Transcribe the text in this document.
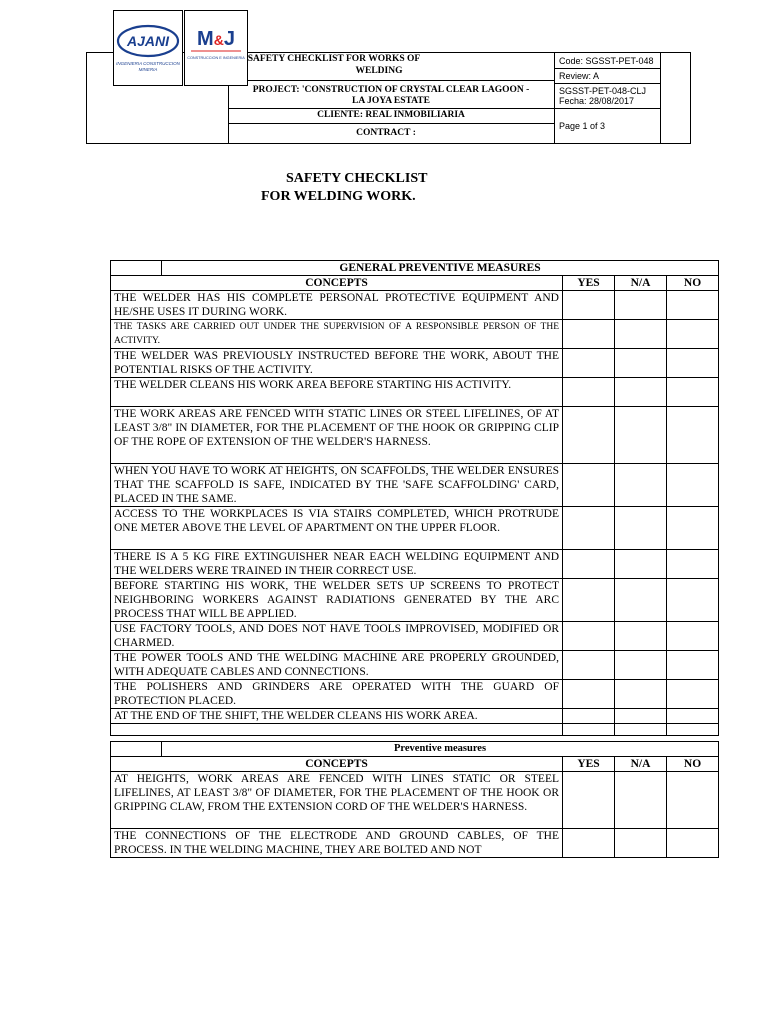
AJANI
INGENIERIA CONSTRUCCION
MINERIA
M&J
CONSTRUCCION E INGENIERIA SAFETY CHECKLIST FOR WORKS OF
WELDING
PROJECT: 'CONSTRUCTION OF CRYSTAL CLEAR LAGOON -
LA JOYA ESTATE
CLIENTE: REAL INMOBILIARIA
CONTRACT :
Code: SGSST-PET-048
Review: A
SGSST-PET-048-CLJ
Fecha: 28/08/2017
Page 1 of 3
SAFETY CHECKLIST
FOR WELDING WORK.
	GENERAL PREVENTIVE MEASURES			
CONCEPTS		YES	N/A	NO
THE WELDER HAS HIS COMPLETE PERSONAL PROTECTIVE EQUIPMENT AND HE/SHE USES IT DURING WORK.				
THE TASKS ARE CARRIED OUT UNDER THE SUPERVISION OF A RESPONSIBLE PERSON OF THE ACTIVITY.				
THE WELDER WAS PREVIOUSLY INSTRUCTED BEFORE THE WORK, ABOUT THE POTENTIAL RISKS OF THE ACTIVITY.				
THE WELDER CLEANS HIS WORK AREA BEFORE STARTING HIS ACTIVITY.				
THE WORK AREAS ARE FENCED WITH STATIC LINES OR STEEL LIFELINES, OF AT LEAST 3/8" IN DIAMETER, FOR THE PLACEMENT OF THE HOOK OR GRIPPING CLIP OF THE ROPE OF EXTENSION OF THE WELDER'S HARNESS.				
WHEN YOU HAVE TO WORK AT HEIGHTS, ON SCAFFOLDS, THE WELDER ENSURES THAT THE SCAFFOLD IS SAFE, INDICATED BY THE 'SAFE SCAFFOLDING' CARD, PLACED IN THE SAME.				
ACCESS TO THE WORKPLACES IS VIA STAIRS COMPLETED, WHICH PROTRUDE ONE METER ABOVE THE LEVEL OF APARTMENT ON THE UPPER FLOOR.				
THERE IS A 5 KG FIRE EXTINGUISHER NEAR EACH WELDING EQUIPMENT AND THE WELDERS WERE TRAINED IN THEIR CORRECT USE.				
BEFORE STARTING HIS WORK, THE WELDER SETS UP SCREENS TO PROTECT NEIGHBORING WORKERS AGAINST RADIATIONS GENERATED BY THE ARC PROCESS THAT WILL BE APPLIED.				
USE FACTORY TOOLS, AND DOES NOT HAVE TOOLS IMPROVISED, MODIFIED OR CHARMED.				
THE POWER TOOLS AND THE WELDING MACHINE ARE PROPERLY GROUNDED, WITH ADEQUATE CABLES AND CONNECTIONS.				
THE POLISHERS AND GRINDERS ARE OPERATED WITH THE GUARD OF PROTECTION PLACED.				
AT THE END OF THE SHIFT, THE WELDER CLEANS HIS WORK AREA.				

	Preventive measures			
CONCEPTS		YES	N/A	NO
AT HEIGHTS, WORK AREAS ARE FENCED WITH LINES STATIC OR STEEL LIFELINES, AT LEAST 3/8" OF DIAMETER, FOR THE PLACEMENT OF THE HOOK OR GRIPPING CLAW, FROM THE EXTENSION CORD OF THE WELDER'S HARNESS.				
THE CONNECTIONS OF THE ELECTRODE AND GROUND CABLES, OF THE PROCESS. IN THE WELDING MACHINE, THEY ARE BOLTED AND NOT				
